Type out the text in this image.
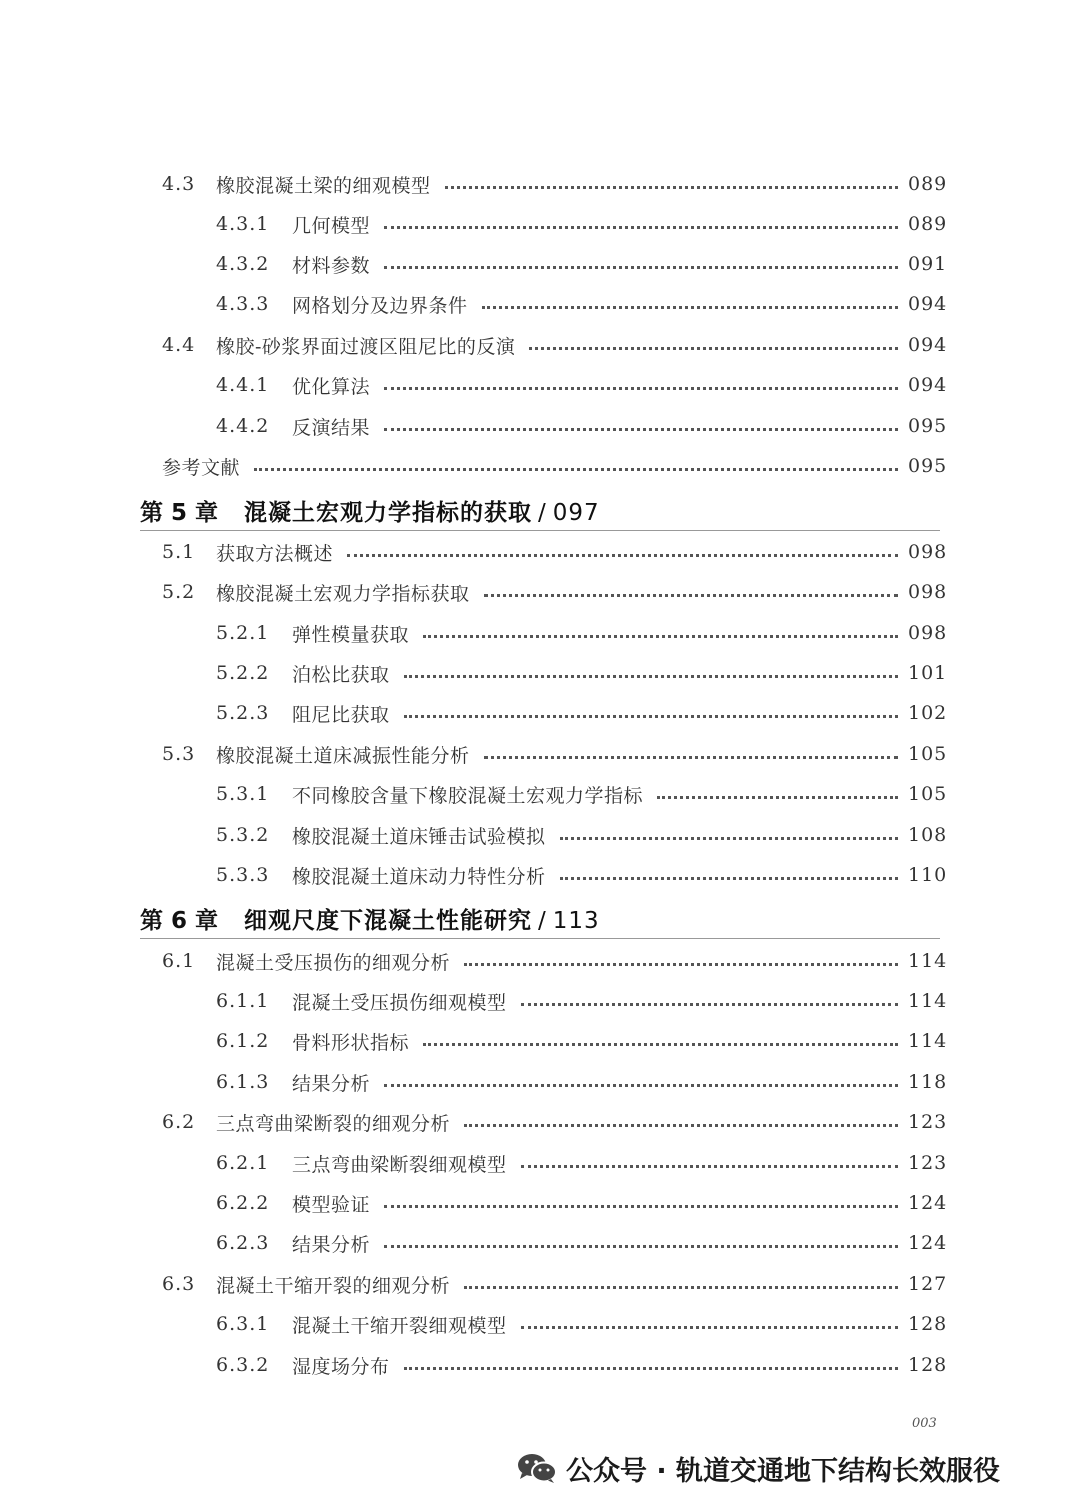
4.3 橡胶混凝土梁的细观模型	089
4.3.1 几何模型	089
4.3.2 材料参数	091
4.3.3 网格划分及边界条件	094
4.4 橡胶-砂浆界面过渡区阻尼比的反演	094
4.4.1 优化算法	094
4.4.2 反演结果	095
参考文献	095
第 5 章 混凝土宏观力学指标的获取 / 097
5.1 获取方法概述	098
5.2 橡胶混凝土宏观力学指标获取	098
5.2.1 弹性模量获取	098
5.2.2 泊松比获取	101
5.2.3 阻尼比获取	102
5.3 橡胶混凝土道床减振性能分析	105
5.3.1 不同橡胶含量下橡胶混凝土宏观力学指标	105
5.3.2 橡胶混凝土道床锤击试验模拟	108
5.3.3 橡胶混凝土道床动力特性分析	110
第 6 章 细观尺度下混凝土性能研究 / 113
6.1 混凝土受压损伤的细观分析	114
6.1.1 混凝土受压损伤细观模型	114
6.1.2 骨料形状指标	114
6.1.3 结果分析	118
6.2 三点弯曲梁断裂的细观分析	123
6.2.1 三点弯曲梁断裂细观模型	123
6.2.2 模型验证	124
6.2.3 结果分析	124
6.3 混凝土干缩开裂的细观分析	127
6.3.1 混凝土干缩开裂细观模型	128
6.3.2 湿度场分布	128
003
公众号 · 轨道交通地下结构长效服役
